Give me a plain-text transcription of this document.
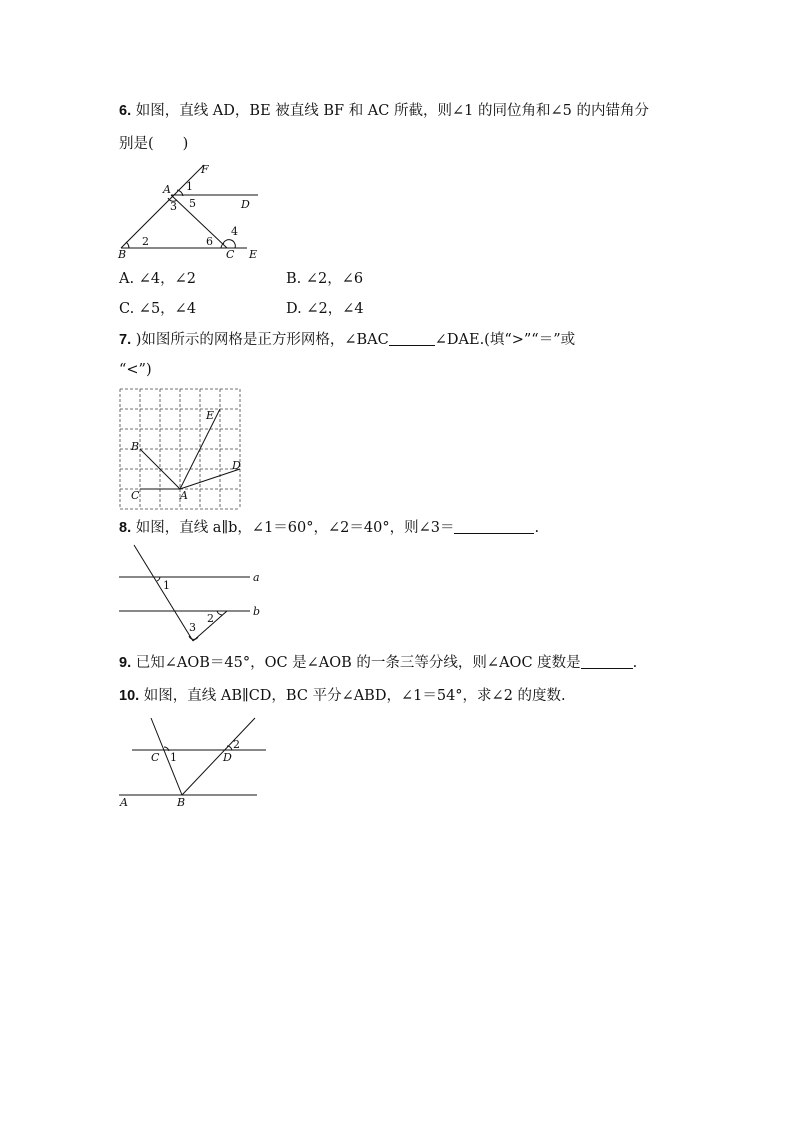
6. 如图，直线 AD，BE 被直线 BF 和 AC 所截，则∠1 的同位角和∠5 的内错角分
别是(　　)
F
A 1
3 5	D
4
B
2	6
C E
A. ∠4，∠2	B. ∠2，∠6
C. ∠5，∠4	D. ∠2，∠4
7. )如图所示的网格是正方形网格，∠BAC	∠DAE.(填“>”“＝”或
“<”)
E
B
D
C	A
8. 如图，直线 a∥b，∠1＝60°，∠2＝40°，则∠3＝	.
a
b
1
2
3
9. 已知∠AOB＝45°，OC 是∠AOB 的一条三等分线，则∠AOC 度数是	.
10. 如图，直线 AB∥CD，BC 平分∠ABD，∠1＝54°，求∠2 的度数.
C 1	D
2
A	B
